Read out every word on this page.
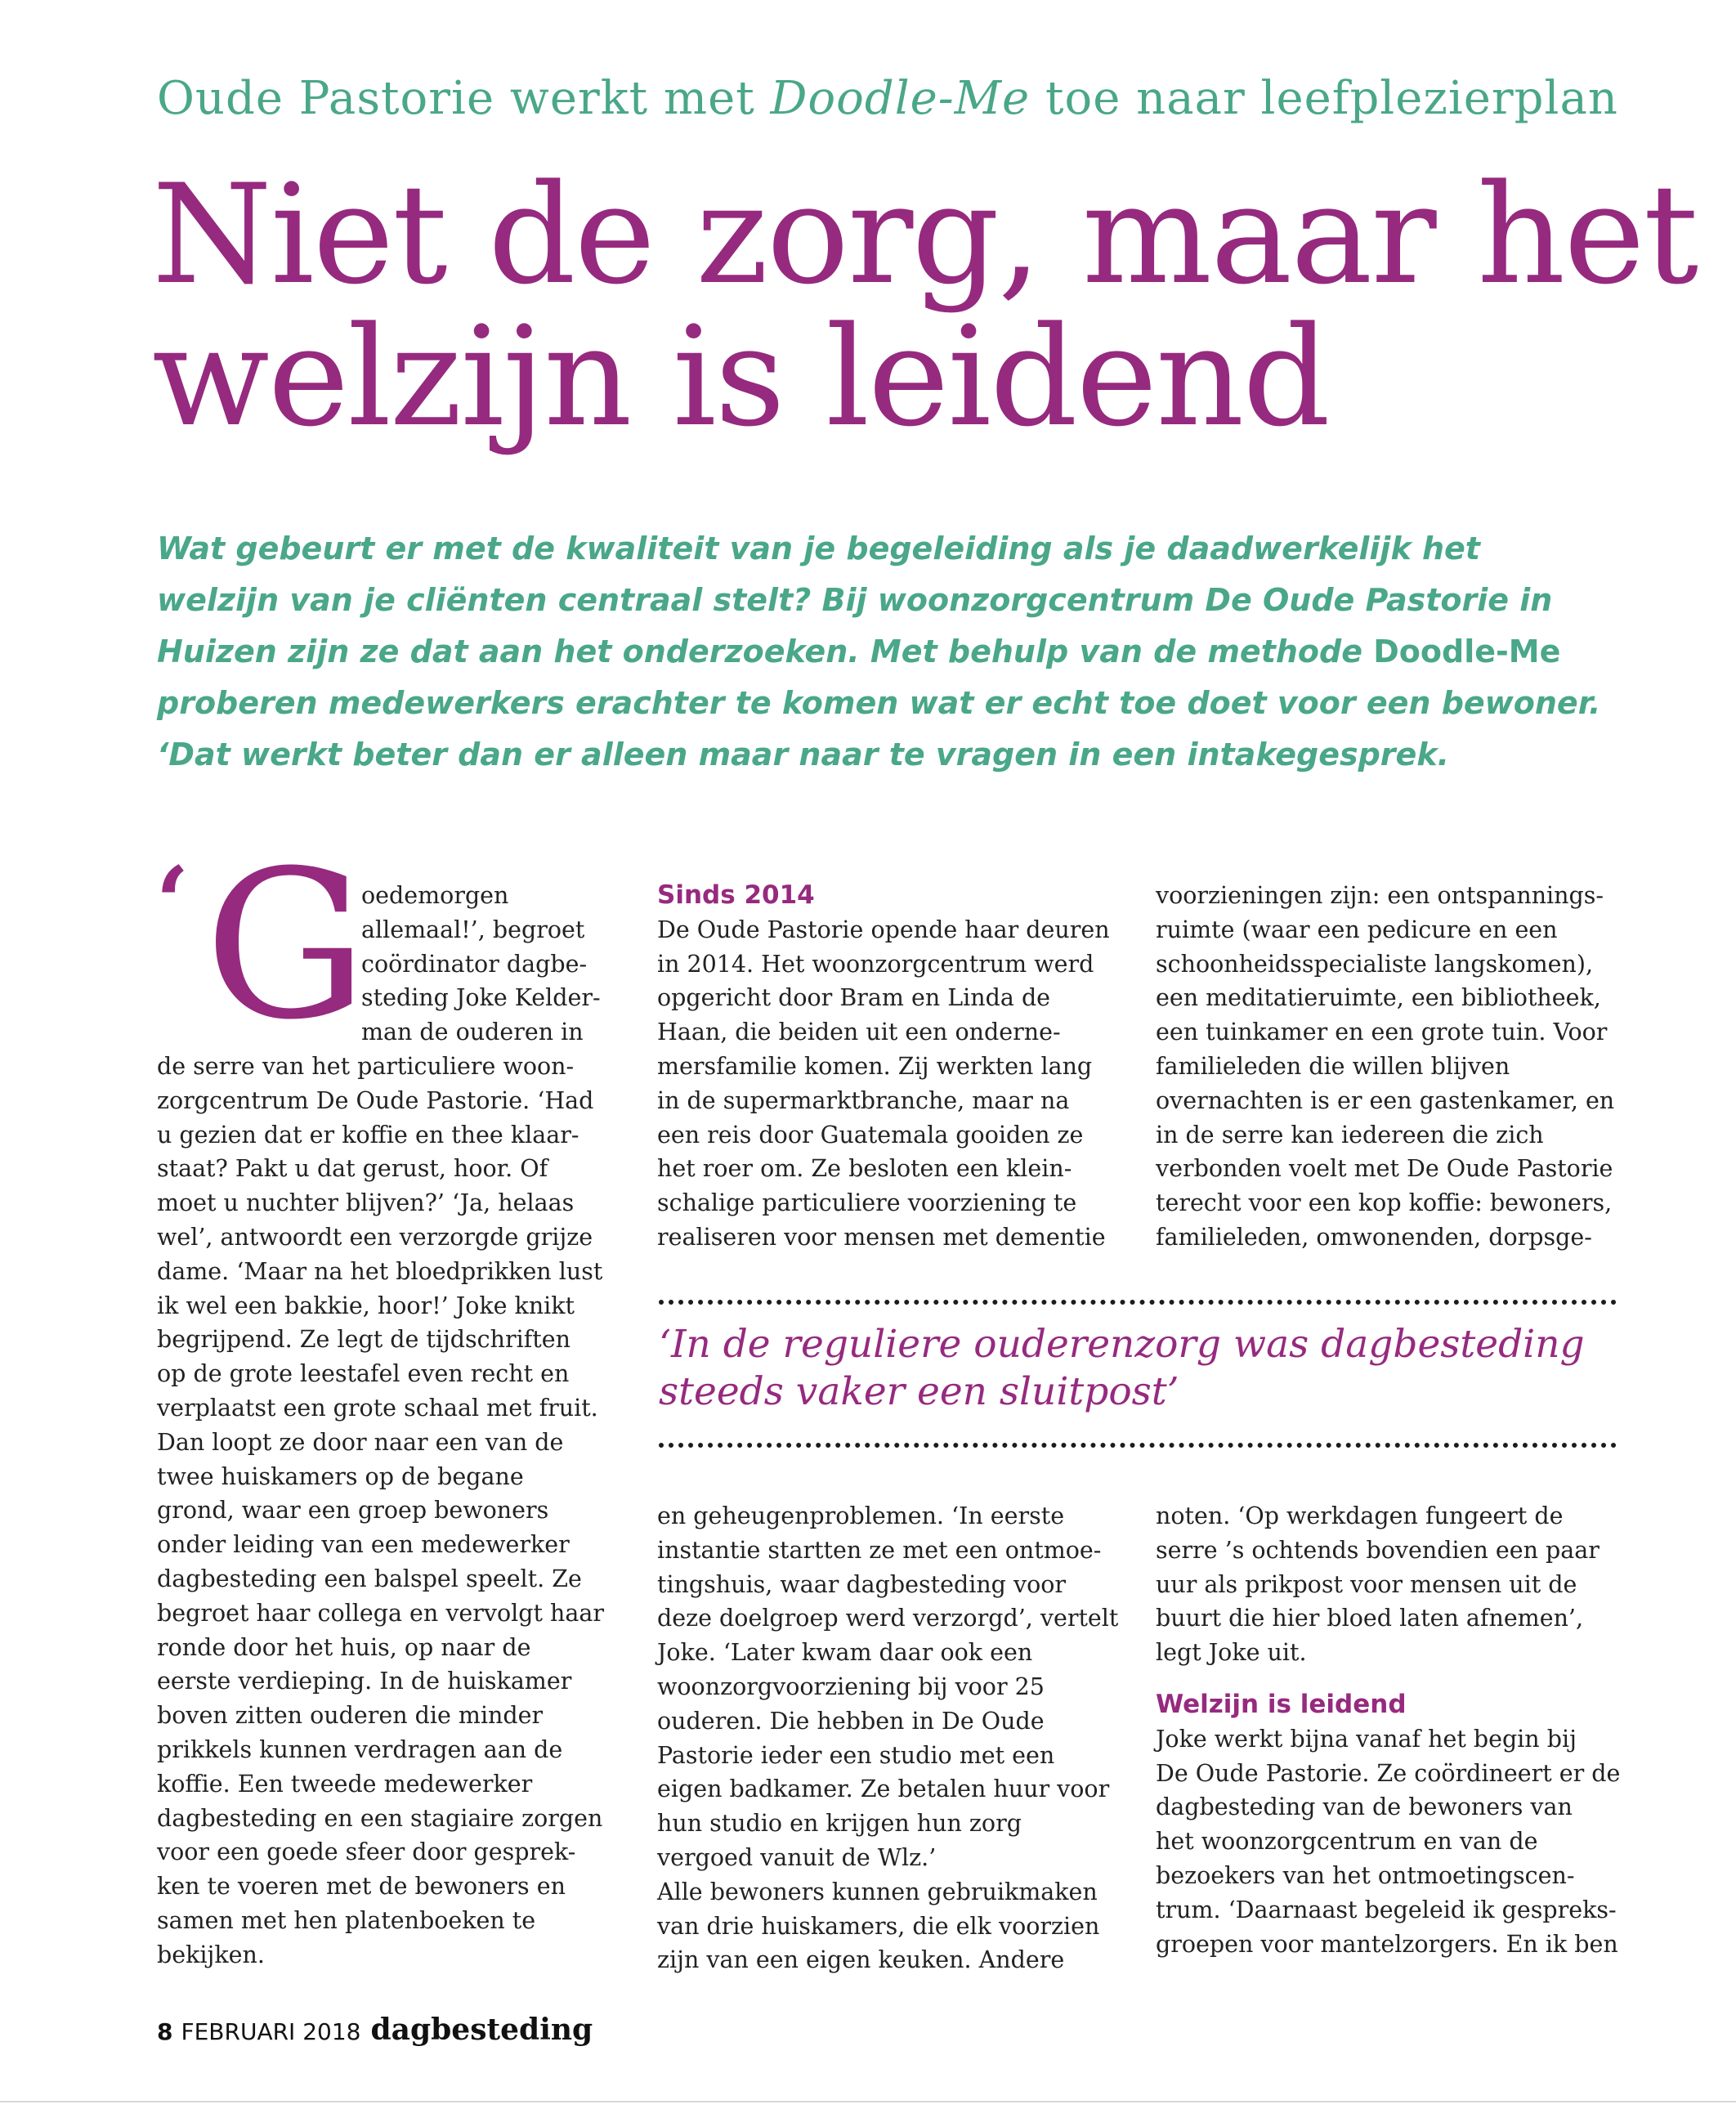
Oude Pastorie werkt met Doodle-Me toe naar leefplezierplan
Niet de zorg, maar het
welzijn is leidend
Wat gebeurt er met de kwaliteit van je begeleiding als je daadwerkelijk het
welzijn van je cliënten centraal stelt? Bij woonzorgcentrum De Oude Pastorie in
Huizen zijn ze dat aan het onderzoeken. Met behulp van de methode Doodle-Me
proberen medewerkers erachter te komen wat er echt toe doet voor een bewoner.
‘Dat werkt beter dan er alleen maar naar te vragen in een intakegesprek.
‘ G
oedemorgen
allemaal!’, begroet
coördinator dagbe-
steding Joke Kelder-
man de ouderen in
de serre van het particuliere woon-
zorgcentrum De Oude Pastorie. ‘Had
u gezien dat er koffie en thee klaar-
staat? Pakt u dat gerust, hoor. Of
moet u nuchter blijven?’ ‘Ja, helaas
wel’, antwoordt een verzorgde grijze
dame. ‘Maar na het bloedprikken lust
ik wel een bakkie, hoor!’ Joke knikt
begrijpend. Ze legt de tijdschriften
op de grote leestafel even recht en
verplaatst een grote schaal met fruit.
Dan loopt ze door naar een van de
twee huiskamers op de begane
grond, waar een groep bewoners
onder leiding van een medewerker
dagbesteding een balspel speelt. Ze
begroet haar collega en vervolgt haar
ronde door het huis, op naar de
eerste verdieping. In de huiskamer
boven zitten ouderen die minder
prikkels kunnen verdragen aan de
koffie. Een tweede medewerker
dagbesteding en een stagiaire zorgen
voor een goede sfeer door gesprek-
ken te voeren met de bewoners en
samen met hen platenboeken te
bekijken.
Sinds 2014
De Oude Pastorie opende haar deuren
in 2014. Het woonzorgcentrum werd
opgericht door Bram en Linda de
Haan, die beiden uit een onderne-
mersfamilie komen. Zij werkten lang
in de supermarktbranche, maar na
een reis door Guatemala gooiden ze
het roer om. Ze besloten een klein-
schalige particuliere voorziening te
realiseren voor mensen met dementie
voorzieningen zijn: een ontspannings-
ruimte (waar een pedicure en een
schoonheidsspecialiste langskomen),
een meditatieruimte, een bibliotheek,
een tuinkamer en een grote tuin. Voor
familieleden die willen blijven
overnachten is er een gastenkamer, en
in de serre kan iedereen die zich
verbonden voelt met De Oude Pastorie
terecht voor een kop koffie: bewoners,
familieleden, omwonenden, dorpsge-
‘In de reguliere ouderenzorg was dagbesteding
steeds vaker een sluitpost’
en geheugenproblemen. ‘In eerste
instantie startten ze met een ontmoe-
tingshuis, waar dagbesteding voor
deze doelgroep werd verzorgd’, vertelt
Joke. ‘Later kwam daar ook een
woonzorgvoorziening bij voor 25
ouderen. Die hebben in De Oude
Pastorie ieder een studio met een
eigen badkamer. Ze betalen huur voor
hun studio en krijgen hun zorg
vergoed vanuit de Wlz.’
Alle bewoners kunnen gebruikmaken
van drie huiskamers, die elk voorzien
zijn van een eigen keuken. Andere
noten. ‘Op werkdagen fungeert de
serre ’s ochtends bovendien een paar
uur als prikpost voor mensen uit de
buurt die hier bloed laten afnemen’,
legt Joke uit.
Welzijn is leidend
Joke werkt bijna vanaf het begin bij
De Oude Pastorie. Ze coördineert er de
dagbesteding van de bewoners van
het woonzorgcentrum en van de
bezoekers van het ontmoetingscen-
trum. ‘Daarnaast begeleid ik gespreks-
groepen voor mantelzorgers. En ik ben
8 FEBRUARI 2018 dagbesteding
